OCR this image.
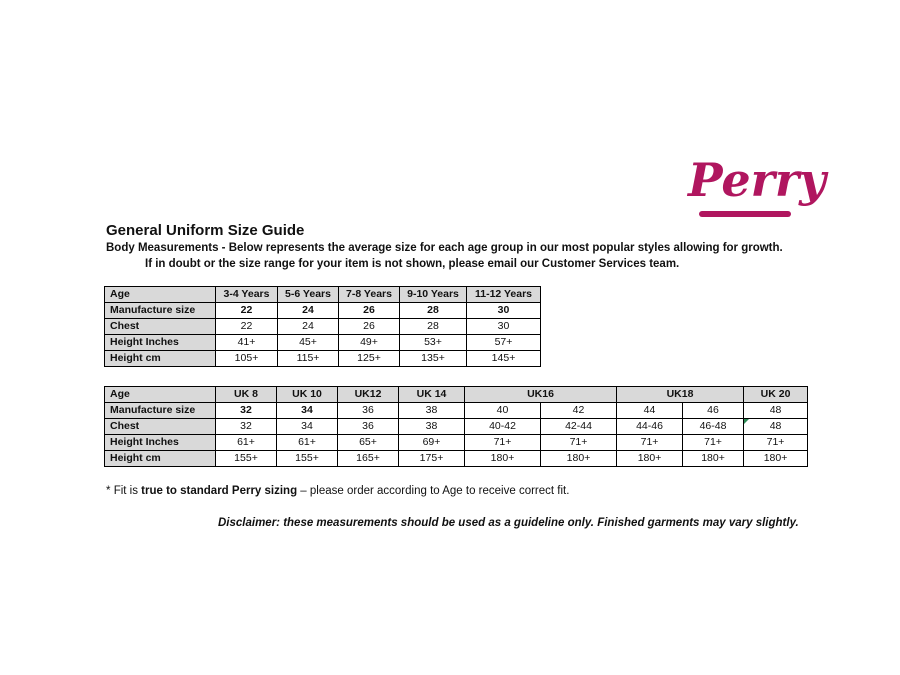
Perry
General Uniform Size Guide
Body Measurements - Below represents the average size for each age group in our most popular styles allowing for growth.
If in doubt or the size range for your item is not shown, please email our Customer Services team.
Age	3-4 Years	5-6 Years	7-8 Years	9-10 Years	11-12 Years
Manufacture size	22	24	26	28	30
Chest	22	24	26	28	30
Height Inches	41+	45+	49+	53+	57+
Height cm	105+	115+	125+	135+	145+
Age	UK 8	UK 10	UK12	UK 14	UK16		UK18		UK 20
Manufacture size	32	34	36	38	40	42	44	46	48
Chest	32	34	36	38	40-42	42-44	44-46	46-48	48
Height Inches	61+	61+	65+	69+	71+	71+	71+	71+	71+
Height cm	155+	155+	165+	175+	180+	180+	180+	180+	180+
* Fit is true to standard Perry sizing – please order according to Age to receive correct fit.
Disclaimer: these measurements should be used as a guideline only. Finished garments may vary slightly.
